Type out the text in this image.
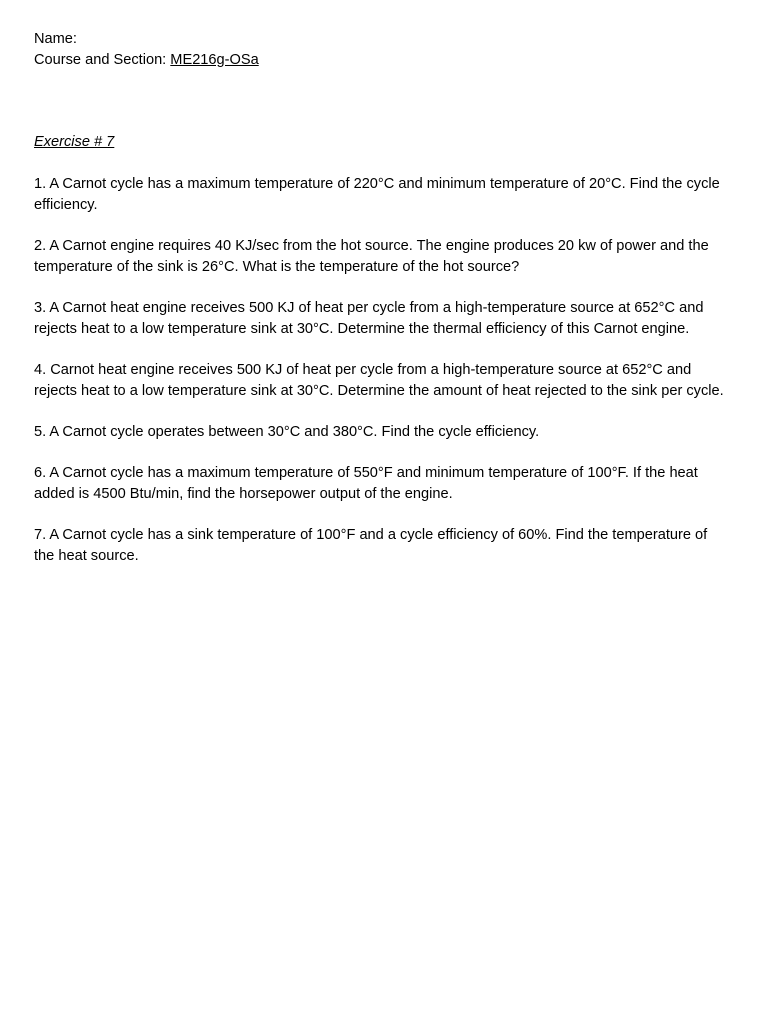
Name:
Course and Section: ME216g-OSa
Exercise # 7

1. A Carnot cycle has a maximum temperature of 220°C and minimum temperature of 20°C. Find the cycle efficiency.

2. A Carnot engine requires 40 KJ/sec from the hot source. The engine produces 20 kw of power and the temperature of the sink is 26°C. What is the temperature of the hot source?

3. A Carnot heat engine receives 500 KJ of heat per cycle from a high-temperature source at 652°C and rejects heat to a low temperature sink at 30°C. Determine the thermal efficiency of this Carnot engine.

4. Carnot heat engine receives 500 KJ of heat per cycle from a high-temperature source at 652°C and rejects heat to a low temperature sink at 30°C. Determine the amount of heat rejected to the sink per cycle.

5. A Carnot cycle operates between 30°C and 380°C. Find the cycle efficiency.

6. A Carnot cycle has a maximum temperature of 550°F and minimum temperature of 100°F. If the heat added is 4500 Btu/min, find the horsepower output of the engine.

7. A Carnot cycle has a sink temperature of 100°F and a cycle efficiency of 60%. Find the temperature of the heat source.
